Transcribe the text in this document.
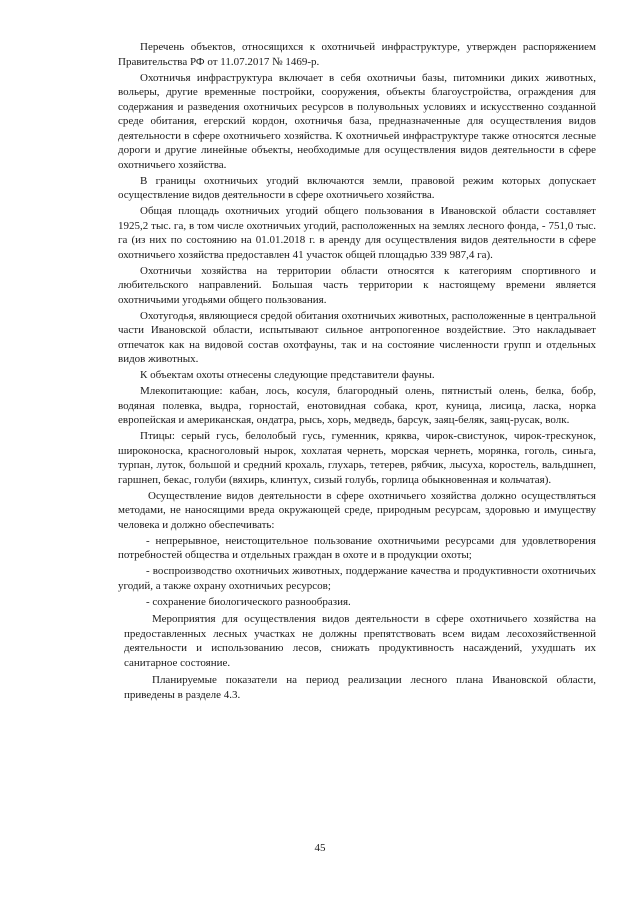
Перечень объектов, относящихся к охотничьей инфраструктуре, утвержден распоряжением Правительства РФ от 11.07.2017 № 1469-р.

Охотничья инфраструктура включает в себя охотничьи базы, питомники диких животных, вольеры, другие временные постройки, сооружения, объекты благоустройства, ограждения для содержания и разведения охотничьих ресурсов в полувольных условиях и искусственно созданной среде обитания, егерский кордон, охотничья база, предназначенные для осуществления видов деятельности в сфере охотничьего хозяйства. К охотничьей инфраструктуре также относятся лесные дороги и другие линейные объекты, необходимые для осуществления видов деятельности в сфере охотничьего хозяйства.

В границы охотничьих угодий включаются земли, правовой режим которых допускает осуществление видов деятельности в сфере охотничьего хозяйства.

Общая площадь охотничьих угодий общего пользования в Ивановской области составляет 1925,2 тыс. га, в том числе охотничьих угодий, расположенных на землях лесного фонда, - 751,0 тыс. га (из них по состоянию на 01.01.2018 г. в аренду для осуществления видов деятельности в сфере охотничьего хозяйства предоставлен 41 участок общей площадью 339 987,4 га).

Охотничьи хозяйства на территории области относятся к категориям спортивного и любительского направлений. Большая часть территории к настоящему времени является охотничьими угодьями общего пользования.

Охотугодья, являющиеся средой обитания охотничьих животных, расположенные в центральной части Ивановской области, испытывают сильное антропогенное воздействие. Это накладывает отпечаток как на видовой состав охотфауны, так и на состояние численности групп и отдельных видов животных.

К объектам охоты отнесены следующие представители фауны.

Млекопитающие: кабан, лось, косуля, благородный олень, пятнистый олень, белка, бобр, водяная полевка, выдра, горностай, енотовидная собака, крот, куница, лисица, ласка, норка европейская и американская, ондатра, рысь, хорь, медведь, барсук, заяц-беляк, заяц-русак, волк.

Птицы: серый гусь, белолобый гусь, гуменник, кряква, чирок-свистунок, чирок-трескунок, широконоска, красноголовый нырок, хохлатая чернеть, морская чернеть, морянка, гоголь, синьга, турпан, луток, большой и средний крохаль, глухарь, тетерев, рябчик, лысуха, коростель, вальдшнеп, гаршнеп, бекас, голуби (вяхирь, клинтух, сизый голубь, горлица обыкновенная и кольчатая).

Осуществление видов деятельности в сфере охотничьего хозяйства должно осуществляться методами, не наносящими вреда окружающей среде, природным ресурсам, здоровью и имуществу человека и должно обеспечивать:

- непрерывное, неистощительное пользование охотничьими ресурсами для удовлетворения потребностей общества и отдельных граждан в охоте и в продукции охоты;

- воспроизводство охотничьих животных, поддержание качества и продуктивности охотничьих угодий, а также охрану охотничьих ресурсов;

- сохранение биологического разнообразия.

Мероприятия для осуществления видов деятельности в сфере охотничьего хозяйства на предоставленных лесных участках не должны препятствовать всем видам лесохозяйственной деятельности и использованию лесов, снижать продуктивность насаждений, ухудшать их санитарное состояние.

Планируемые показатели на период реализации лесного плана Ивановской области, приведены в разделе 4.3.

45
